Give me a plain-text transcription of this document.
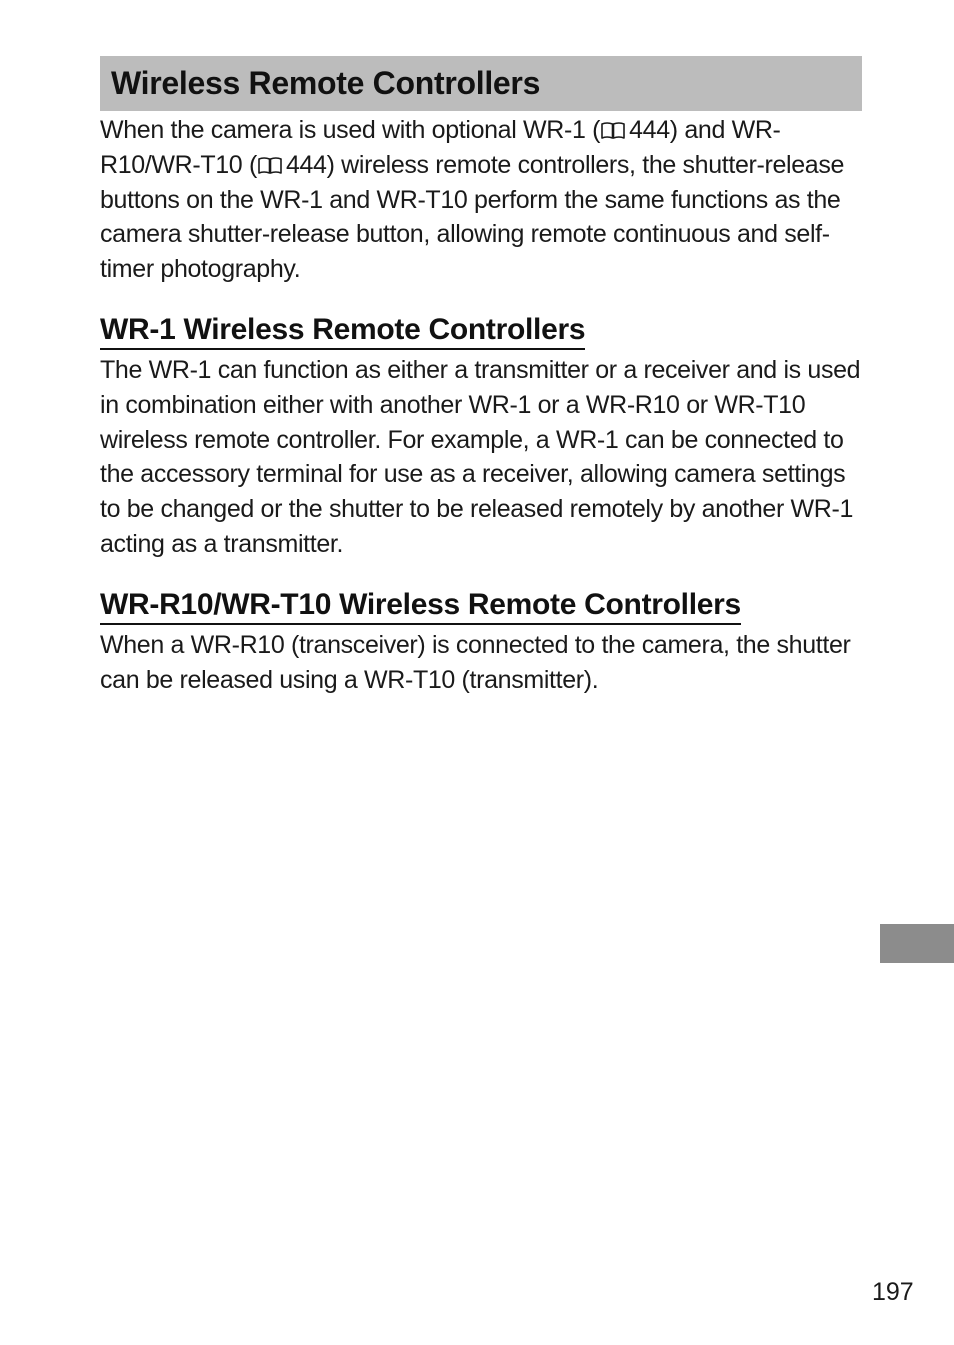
Wireless Remote Controllers

When the camera is used with optional WR-1 ( 444) and WR-R10/WR-T10 ( 444) wireless remote controllers, the shutter-release buttons on the WR-1 and WR-T10 perform the same functions as the camera shutter-release button, allowing remote continuous and self-timer photography.

WR-1 Wireless Remote Controllers

The WR-1 can function as either a transmitter or a receiver and is used in combination either with another WR-1 or a WR-R10 or WR-T10 wireless remote controller. For example, a WR-1 can be connected to the accessory terminal for use as a receiver, allowing camera settings to be changed or the shutter to be released remotely by another WR-1 acting as a transmitter.

WR-R10/WR-T10 Wireless Remote Controllers

When a WR-R10 (transceiver) is connected to the camera, the shutter can be released using a WR-T10 (transmitter).

197
